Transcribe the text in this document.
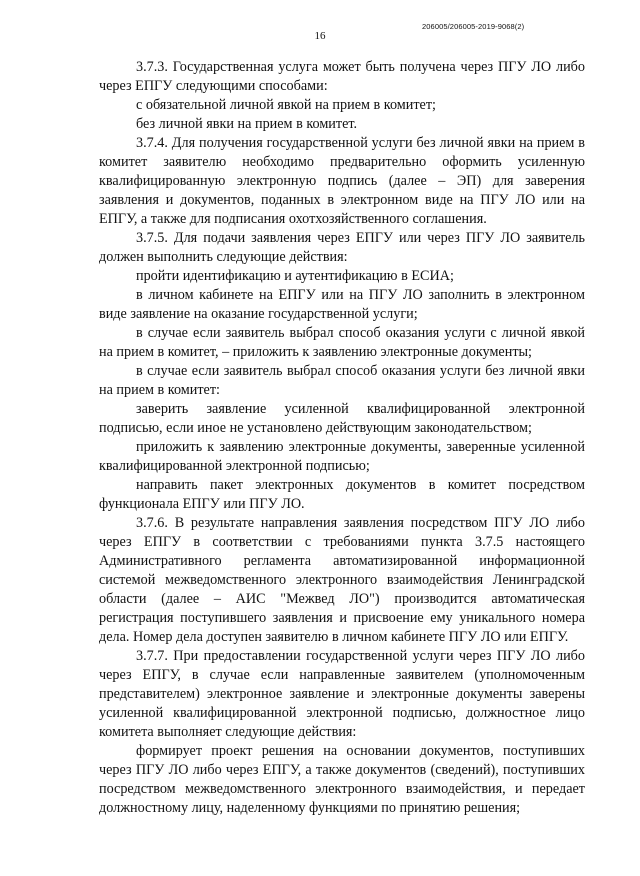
206005/206005-2019-9068(2)
16

3.7.3. Государственная услуга может быть получена через ПГУ ЛО либо через ЕПГУ следующими способами:

с обязательной личной явкой на прием в комитет;

без личной явки на прием в комитет.

3.7.4. Для получения государственной услуги без личной явки на прием в комитет заявителю необходимо предварительно оформить усиленную квалифицированную электронную подпись (далее – ЭП) для заверения заявления и документов, поданных в электронном виде на ПГУ ЛО или на ЕПГУ, а также для подписания охотхозяйственного соглашения.

3.7.5. Для подачи заявления через ЕПГУ или через ПГУ ЛО заявитель должен выполнить следующие действия:

пройти идентификацию и аутентификацию в ЕСИА;

в личном кабинете на ЕПГУ или на ПГУ ЛО заполнить в электронном виде заявление на оказание государственной услуги;

в случае если заявитель выбрал способ оказания услуги с личной явкой на прием в комитет, – приложить к заявлению электронные документы;

в случае если заявитель выбрал способ оказания услуги без личной явки на прием в комитет:

заверить заявление усиленной квалифицированной электронной подписью, если иное не установлено действующим законодательством;

приложить к заявлению электронные документы, заверенные усиленной квалифицированной электронной подписью;

направить пакет электронных документов в комитет посредством функционала ЕПГУ или ПГУ ЛО.

3.7.6. В результате направления заявления посредством ПГУ ЛО либо через ЕПГУ в соответствии с требованиями пункта 3.7.5 настоящего Административного регламента автоматизированной информационной системой межведомственного электронного взаимодействия Ленинградской области (далее – АИС "Межвед ЛО") производится автоматическая регистрация поступившего заявления и присвоение ему уникального номера дела. Номер дела доступен заявителю в личном кабинете ПГУ ЛО или ЕПГУ.

3.7.7. При предоставлении государственной услуги через ПГУ ЛО либо через ЕПГУ, в случае если направленные заявителем (уполномоченным представителем) электронное заявление и электронные документы заверены усиленной квалифицированной электронной подписью, должностное лицо комитета выполняет следующие действия:

формирует проект решения на основании документов, поступивших через ПГУ ЛО либо через ЕПГУ, а также документов (сведений), поступивших посредством межведомственного электронного взаимодействия, и передает должностному лицу, наделенному функциями по принятию решения;
